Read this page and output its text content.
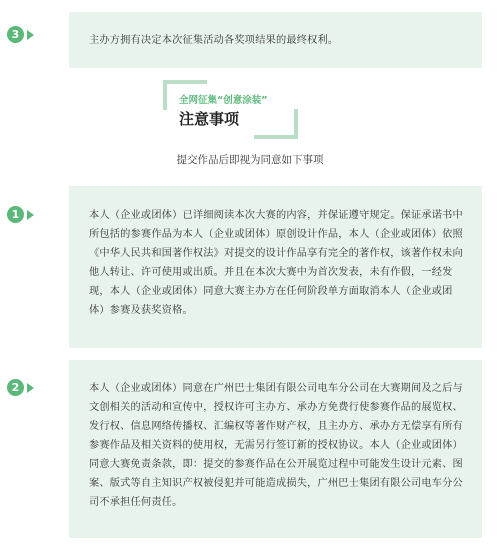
3	主办方拥有决定本次征集活动各奖项结果的最终权利。

全网征集“创意涂装”
注意事项
提交作品后即视为同意如下事项
1	本人（企业或团体）已详细阅读本次大赛的内容，并保证遵守规定。保证承诺书中所包括的参赛作品为本人（企业或团体）原创设计作品，本人（企业或团体）依照《中华人民共和国著作权法》对提交的设计作品享有完全的著作权，该著作权未向他人转让、许可使用或出质。并且在本次大赛中为首次发表，未有作假，一经发现，本人（企业或团体）同意大赛主办方在任何阶段单方面取消本人（企业或团体）参赛及获奖资格。

2	本人（企业或团体）同意在广州巴士集团有限公司电车分公司在大赛期间及之后与文创相关的活动和宣传中，授权许可主办方、承办方免费行使参赛作品的展览权、发行权、信息网络传播权、汇编权等著作财产权，且主办方、承办方无偿享有所有参赛作品及相关资料的使用权，无需另行签订新的授权协议。本人（企业或团体）同意大赛免责条款，即：提交的参赛作品在公开展览过程中可能发生设计元素、图案、版式等自主知识产权被侵犯并可能造成损失，广州巴士集团有限公司电车分公司不承担任何责任。
